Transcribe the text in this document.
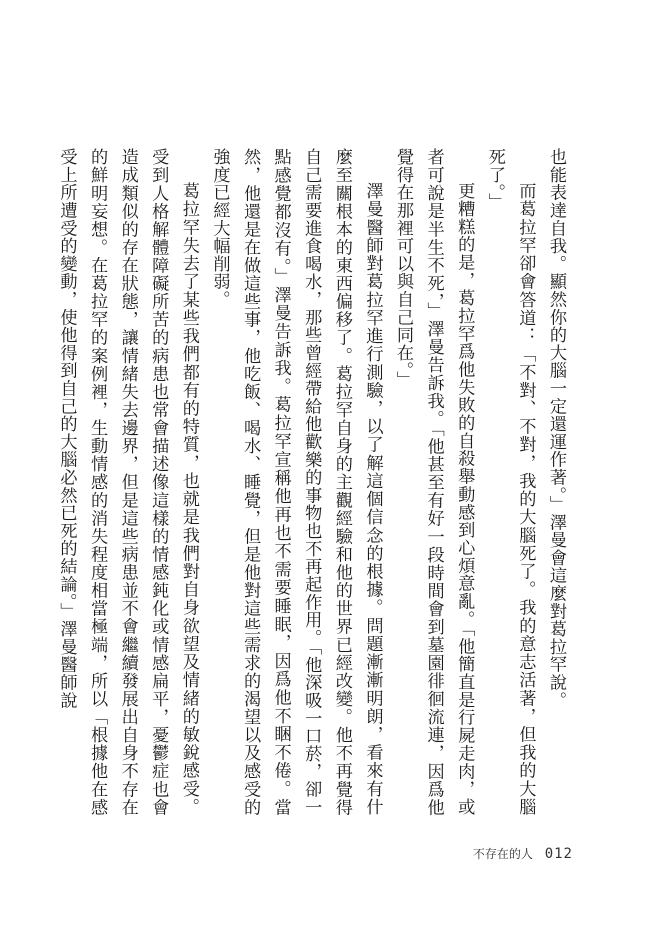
也能表達自我。顯然你的大腦一定還運作著。」澤曼會這麼對葛拉罕說。

而葛拉罕卻會答道：「不對、不對，我的大腦死了。我的意志活著，但我的大腦死了。」

更糟糕的是，葛拉罕爲他失敗的自殺舉動感到心煩意亂。「他簡直是行屍走肉，或者可說是半生不死，」澤曼告訴我。「他甚至有好一段時間會到墓園徘徊流連，因爲他覺得在那裡可以與自己同在。」

澤曼醫師對葛拉罕進行測驗，以了解這個信念的根據。問題漸漸明朗，看來有什麼至關根本的東西偏移了。葛拉罕自身的主觀經驗和他的世界已經改變。他不再覺得自己需要進食喝水，那些曾經帶給他歡樂的事物也不再起作用。「他深吸一口菸，卻一點感覺都沒有。」澤曼告訴我。葛拉罕宣稱他再也不需要睡眠，因爲他不睏不倦。當然，他還是在做這些事，他吃飯、喝水、睡覺，但是他對這些需求的渴望以及感受的強度已經大幅削弱。

葛拉罕失去了某些我們都有的特質，也就是我們對自身欲望及情緒的敏銳感受。受到人格解體障礙所苦的病患也常會描述像這樣的情感鈍化或情感扁平，憂鬱症也會造成類似的存在狀態，讓情緒失去邊界，但是這些病患並不會繼續發展出自身不存在的鮮明妄想。在葛拉罕的案例裡，生動情感的消失程度相當極端，所以「根據他在感受上所遭受的變動，使他得到自己的大腦必然已死的結論。」澤曼醫師說

不存在的人 012
